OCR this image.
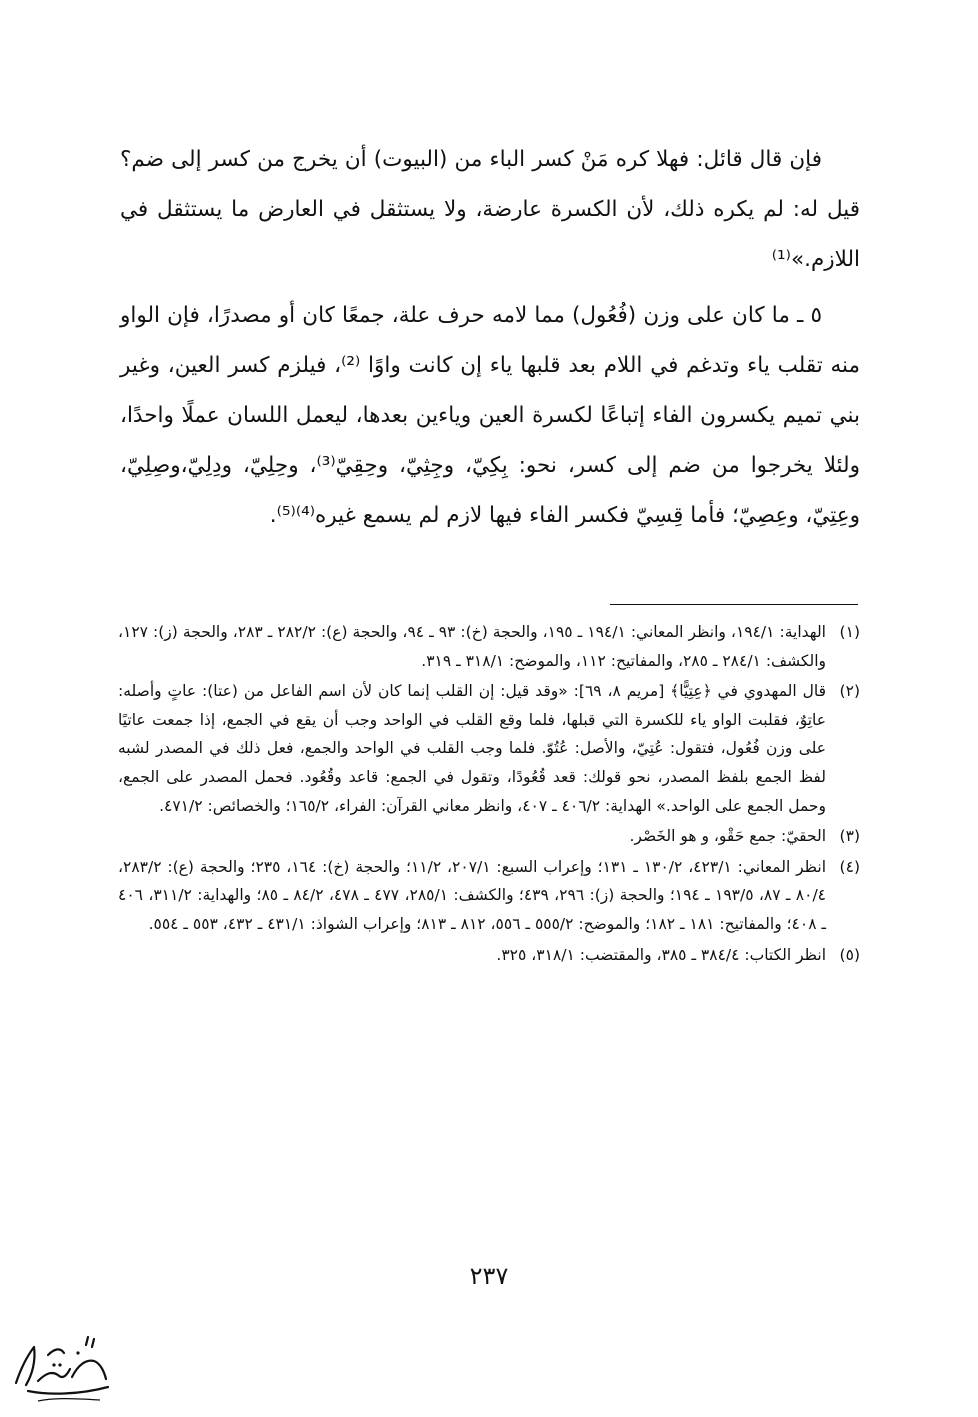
فإن قال قائل: فهلا كره مَنْ كسر الباء من (البيوت) أن يخرج من كسر إلى ضم؟ قيل له: لم يكره ذلك، لأن الكسرة عارضة، ولا يستثقل في العارض ما يستثقل في اللازم.»⁽¹⁾

٥ ـ ما كان على وزن (فُعُول) مما لامه حرف علة، جمعًا كان أو مصدرًا، فإن الواو منه تقلب ياء وتدغم في اللام بعد قلبها ياء إن كانت واوًا ⁽²⁾، فيلزم كسر العين، وغير بني تميم يكسرون الفاء إتباعًا لكسرة العين وياءين بعدها، ليعمل اللسان عملًا واحدًا، ولئلا يخرجوا من ضم إلى كسر، نحو: بِكِيّ، وجِثِيّ، وحِقِيّ⁽³⁾، وحِلِيّ، ودِلِيّ،وصِلِيّ، وعِتِيّ، وعِصِيّ؛ فأما قِسِيّ فكسر الفاء فيها لازم لم يسمع غيره⁽⁴⁾⁽⁵⁾.

(١)
الهداية: ١٩٤/١، وانظر المعاني: ١٩٤/١ ـ ١٩٥، والحجة (خ): ٩٣ ـ ٩٤، والحجة (ع): ٢٨٢/٢ ـ ٢٨٣، والحجة (ز): ١٢٧، والكشف: ٢٨٤/١ ـ ٢٨٥، والمفاتيح: ١١٢، والموضح: ٣١٨/١ ـ ٣١٩.
(٢)
قال المهدوي في ﴿عِتِيًّا﴾ [مريم ٨، ٦٩]: «وقد قيل: إن القلب إنما كان لأن اسم الفاعل من (عتا): عاتٍ وأصله: عاتِوٌ، فقلبت الواو ياء للكسرة التي قبلها، فلما وقع القلب في الواحد وجب أن يقع في الجمع، إذا جمعت عاتيًا على وزن فُعُول، فتقول: عُتِيّ، والأصل: عُتُوّ. فلما وجب القلب في الواحد والجمع، فعل ذلك في المصدر لشبه لفظ الجمع بلفظ المصدر، نحو قولك: قعد قُعُودًا، وتقول في الجمع: قاعد وقُعُود. فحمل المصدر على الجمع، وحمل الجمع على الواحد.» الهداية: ٤٠٦/٢ ـ ٤٠٧، وانظر معاني القرآن: الفراء، ١٦٥/٢؛ والخصائص: ٤٧١/٢.
(٣)
الحقيّ: جمع حَقْو، و هو الخَصْر.
(٤)
انظر المعاني: ٤٢٣/١، ١٣٠/٢ ـ ١٣١؛ وإعراب السبع: ٢٠٧/١، ١١/٢؛ والحجة (خ): ١٦٤، ٢٣٥؛ والحجة (ع): ٢٨٣/٢، ٨٠/٤ ـ ٨٧، ١٩٣/٥ ـ ١٩٤؛ والحجة (ز): ٢٩٦، ٤٣٩؛ والكشف: ٢٨٥/١، ٤٧٧ ـ ٤٧٨، ٨٤/٢ ـ ٨٥؛ والهداية: ٣١١/٢، ٤٠٦ ـ ٤٠٨؛ والمفاتيح: ١٨١ ـ ١٨٢؛ والموضح: ٥٥٥/٢ ـ ٥٥٦، ٨١٢ ـ ٨١٣؛ وإعراب الشواذ: ٤٣١/١ ـ ٤٣٢، ٥٥٣ ـ ٥٥٤.
(٥)
انظر الكتاب: ٣٨٤/٤ ـ ٣٨٥، والمقتضب: ٣١٨/١، ٣٢٥.
٢٣٧
